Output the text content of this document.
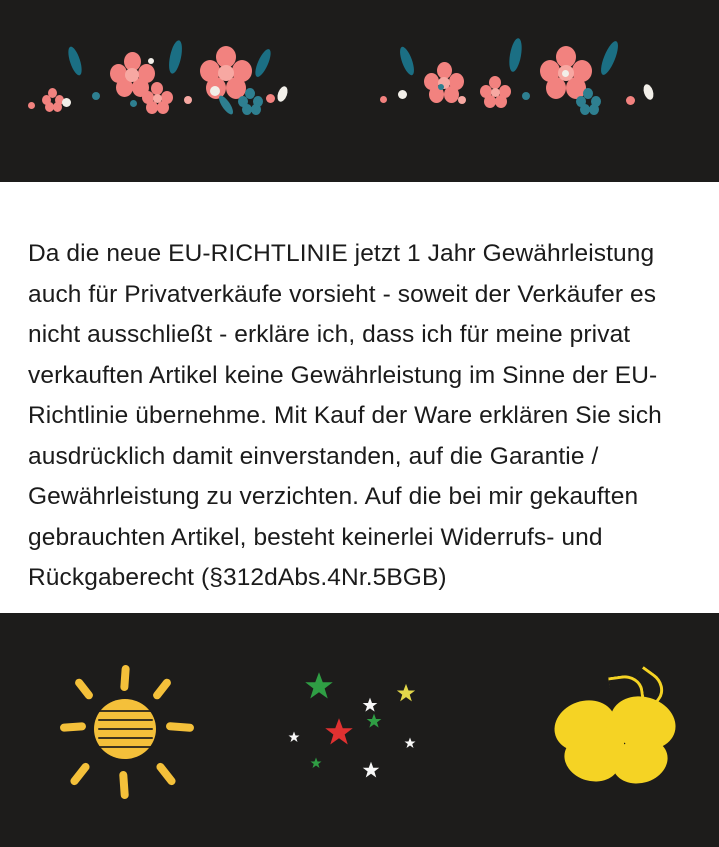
Da die neue EU-RICHTLINIE jetzt 1 Jahr Gewährleistung auch für Privatverkäufe vorsieht - soweit der Verkäufer es nicht ausschließt - erkläre ich, dass ich für meine privat verkauften Artikel keine Gewährleistung im Sinne der EU-Richtlinie übernehme. Mit Kauf der Ware erklären Sie sich ausdrücklich damit einverstanden, auf die Garantie / Gewährleistung zu verzichten. Auf die bei mir gekauften gebrauchten Artikel, besteht keinerlei Widerrufs- und Rückgaberecht (§312dAbs.4Nr.5BGB)
